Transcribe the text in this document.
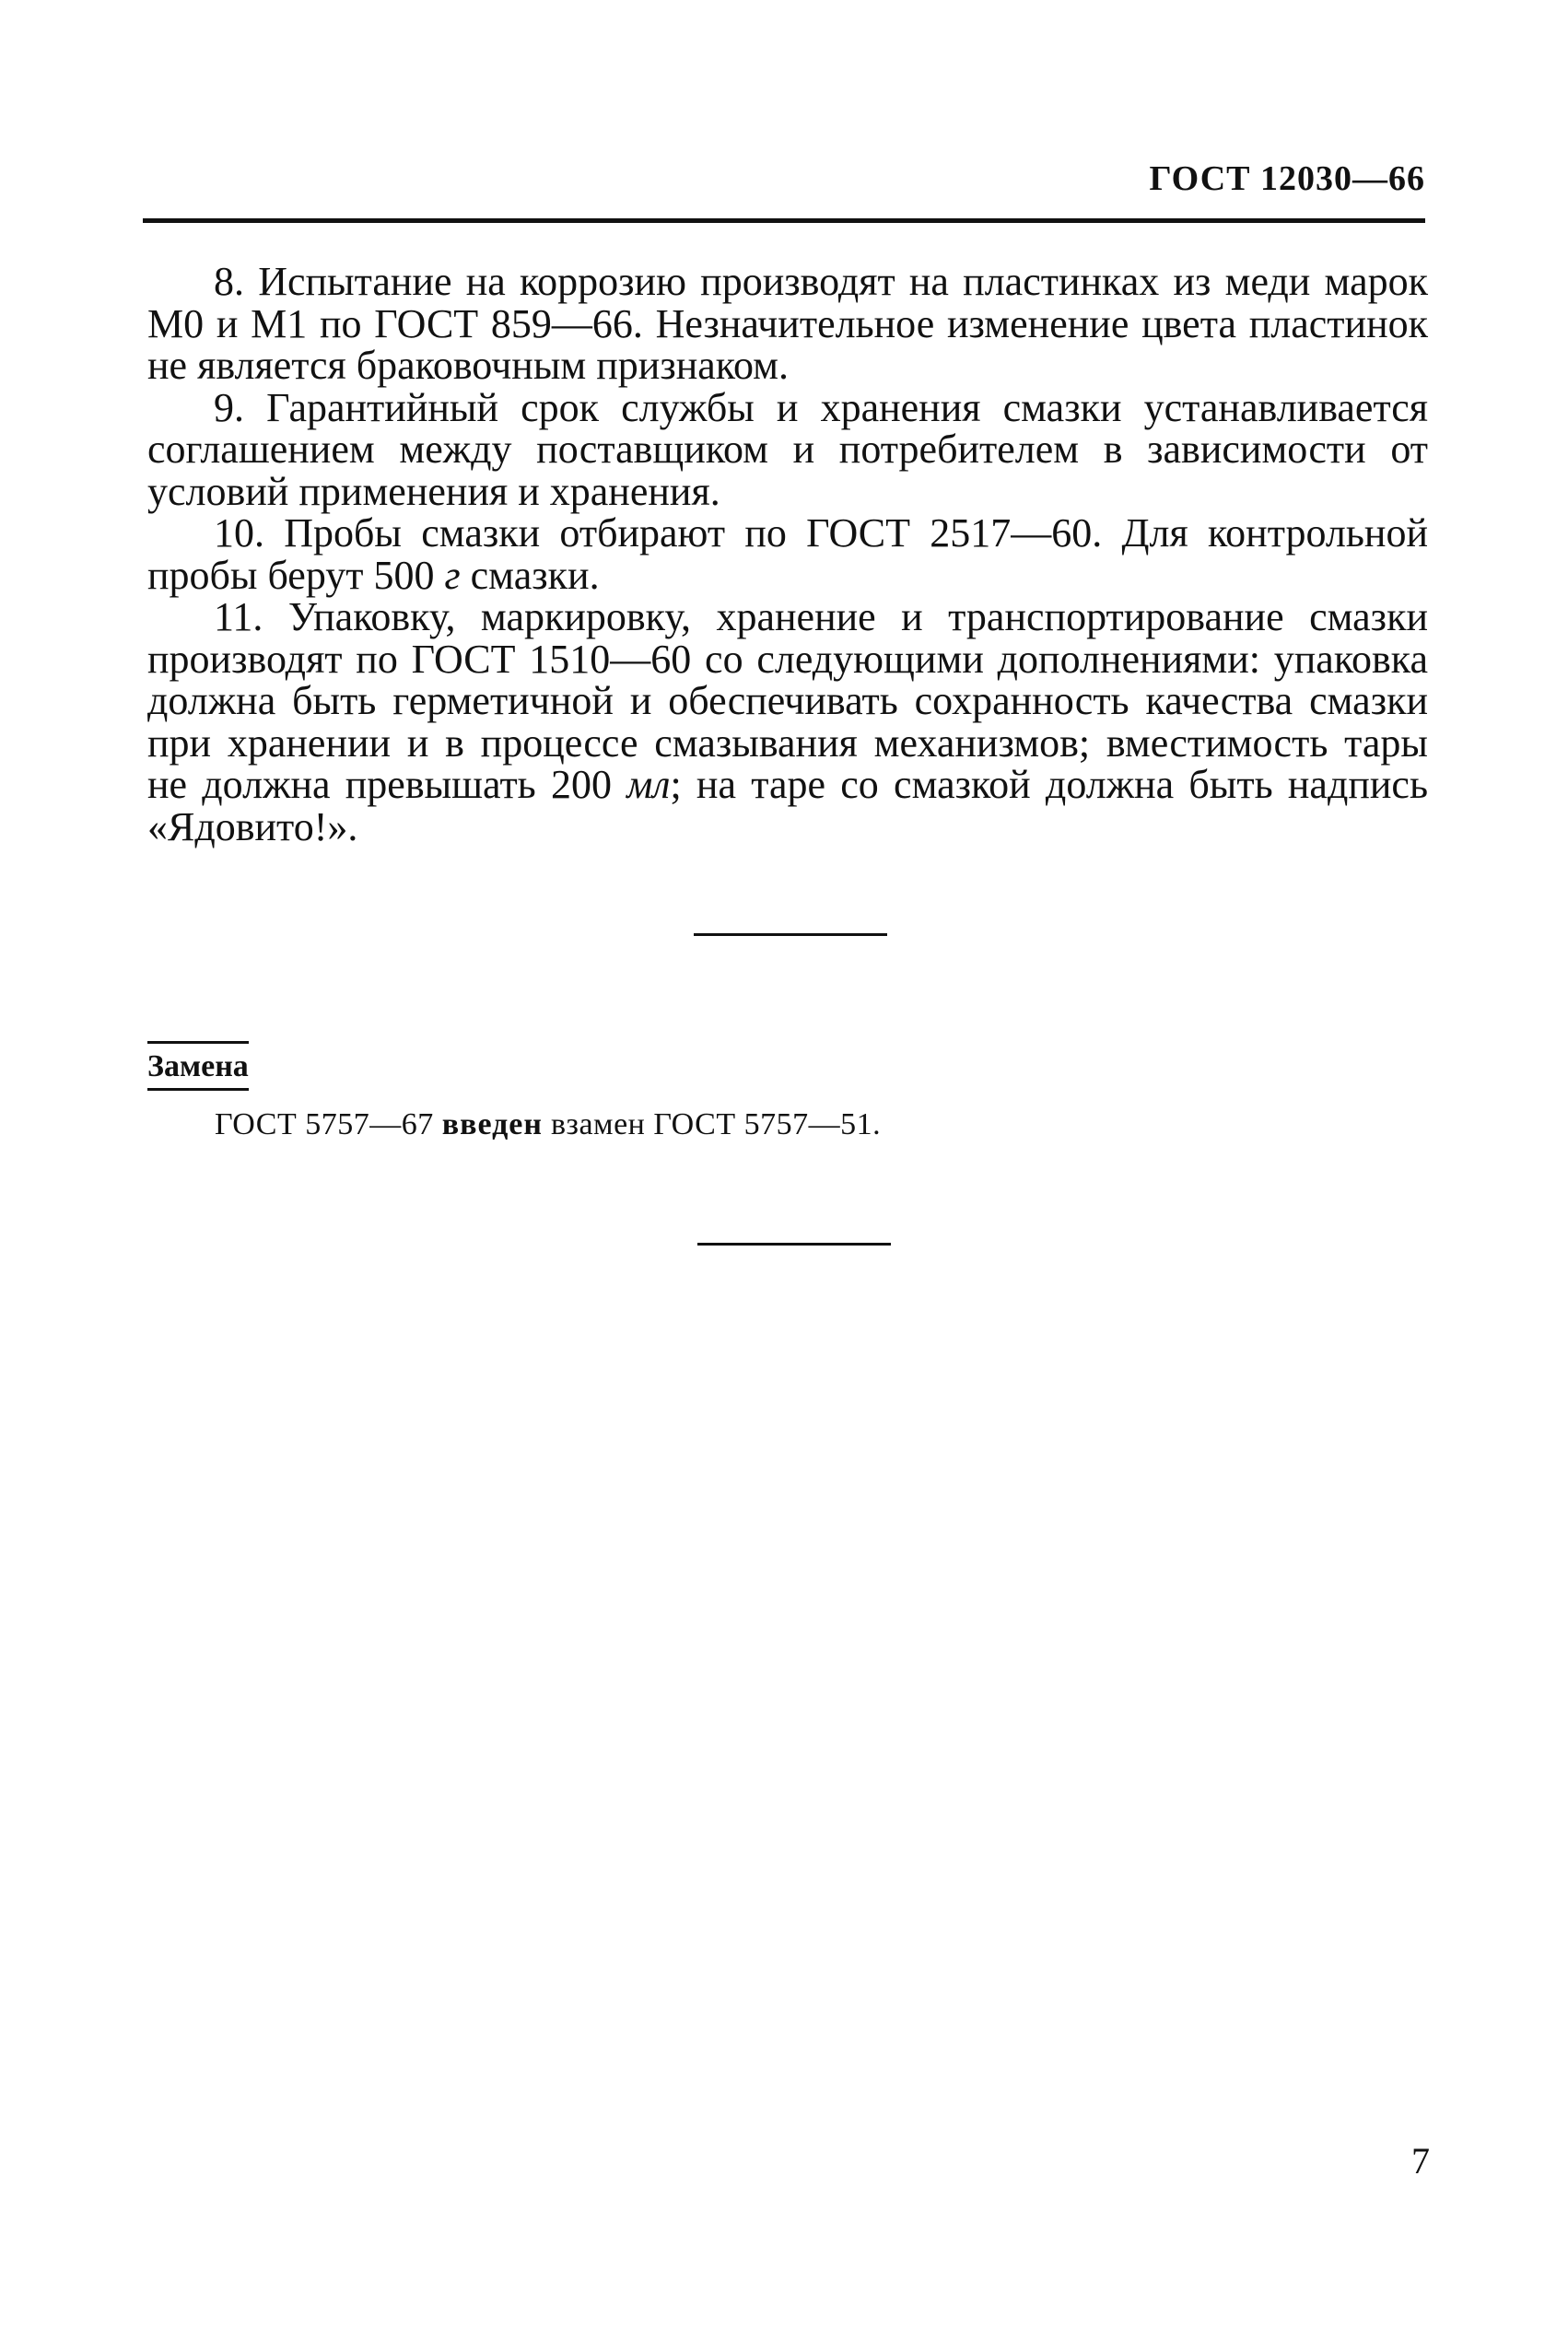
ГОСТ 12030—66

8. Испытание на коррозию производят на пластинках из меди марок М0 и М1 по ГОСТ 859—66. Незначительное изменение цвета пластинок не является браковочным признаком.

9. Гарантийный срок службы и хранения смазки устанавливается соглашением между поставщиком и потребителем в зависимости от условий применения и хранения.

10. Пробы смазки отбирают по ГОСТ 2517—60. Для контрольной пробы берут 500 г смазки.

11. Упаковку, маркировку, хранение и транспортирование смазки производят по ГОСТ 1510—60 со следующими дополнениями: упаковка должна быть герметичной и обеспечивать сохранность качества смазки при хранении и в процессе смазывания механизмов; вместимость тары не должна превышать 200 мл; на таре со смазкой должна быть надпись «Ядовито!».

Замена
ГОСТ 5757—67 введен взамен ГОСТ 5757—51.
7
